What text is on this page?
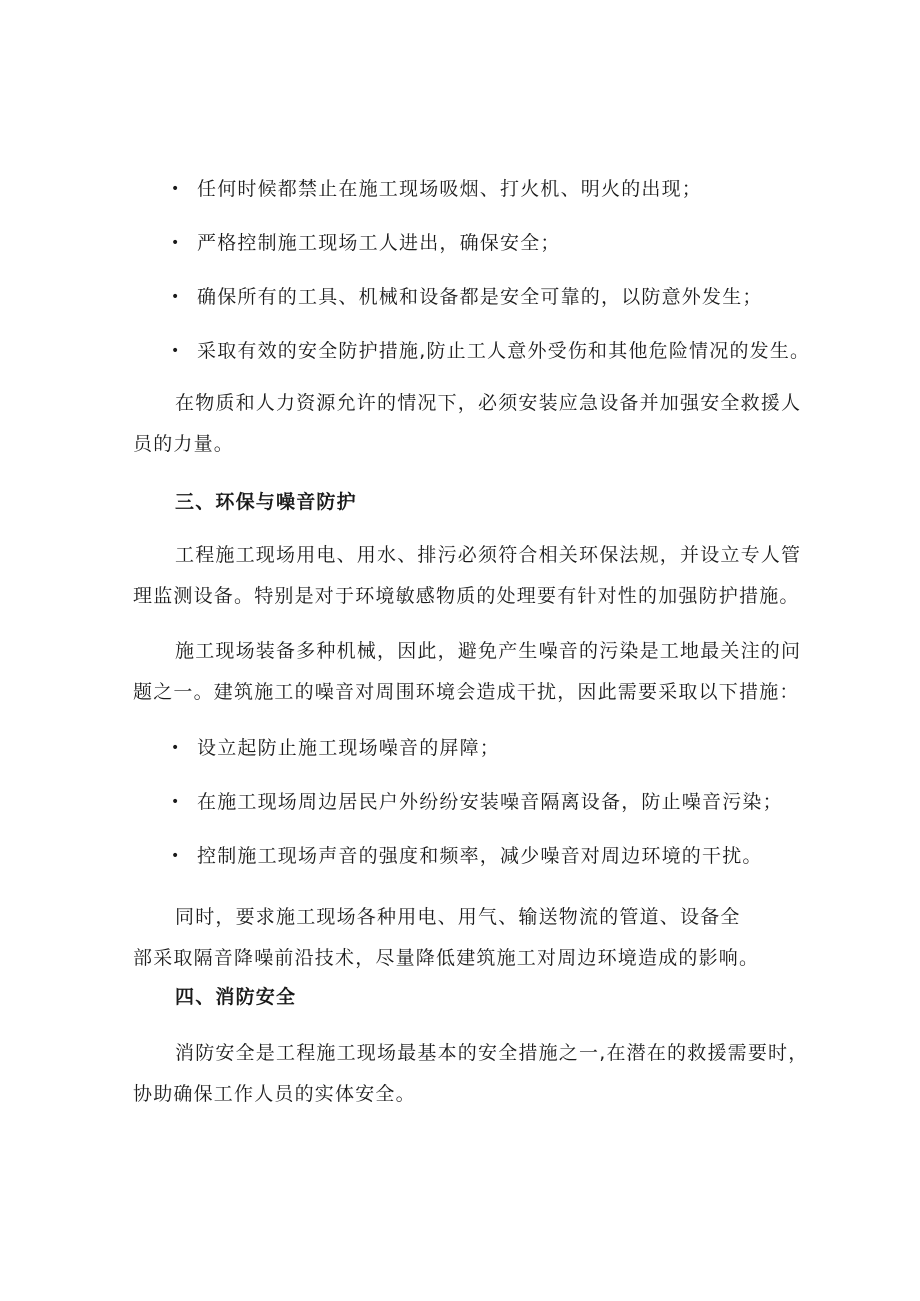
• 任何时候都禁止在施工现场吸烟、打火机、明火的出现；
• 严格控制施工现场工人进出，确保安全；
• 确保所有的工具、机械和设备都是安全可靠的，以防意外发生；
• 采取有效的安全防护措施,防止工人意外受伤和其他危险情况的发生。
在物质和人力资源允许的情况下，必须安装应急设备并加强安全救援人
员的力量。
三、环保与噪音防护
工程施工现场用电、用水、排污必须符合相关环保法规，并设立专人管
理监测设备。特别是对于环境敏感物质的处理要有针对性的加强防护措施。
施工现场装备多种机械，因此，避免产生噪音的污染是工地最关注的问
题之一。建筑施工的噪音对周围环境会造成干扰，因此需要采取以下措施：
• 设立起防止施工现场噪音的屏障；
• 在施工现场周边居民户外纷纷安装噪音隔离设备，防止噪音污染；
• 控制施工现场声音的强度和频率，减少噪音对周边环境的干扰。
同时，要求施工现场各种用电、用气、输送物流的管道、设备全
部采取隔音降噪前沿技术，尽量降低建筑施工对周边环境造成的影响。
四、消防安全
消防安全是工程施工现场最基本的安全措施之一,在潜在的救援需要时，
协助确保工作人员的实体安全。
